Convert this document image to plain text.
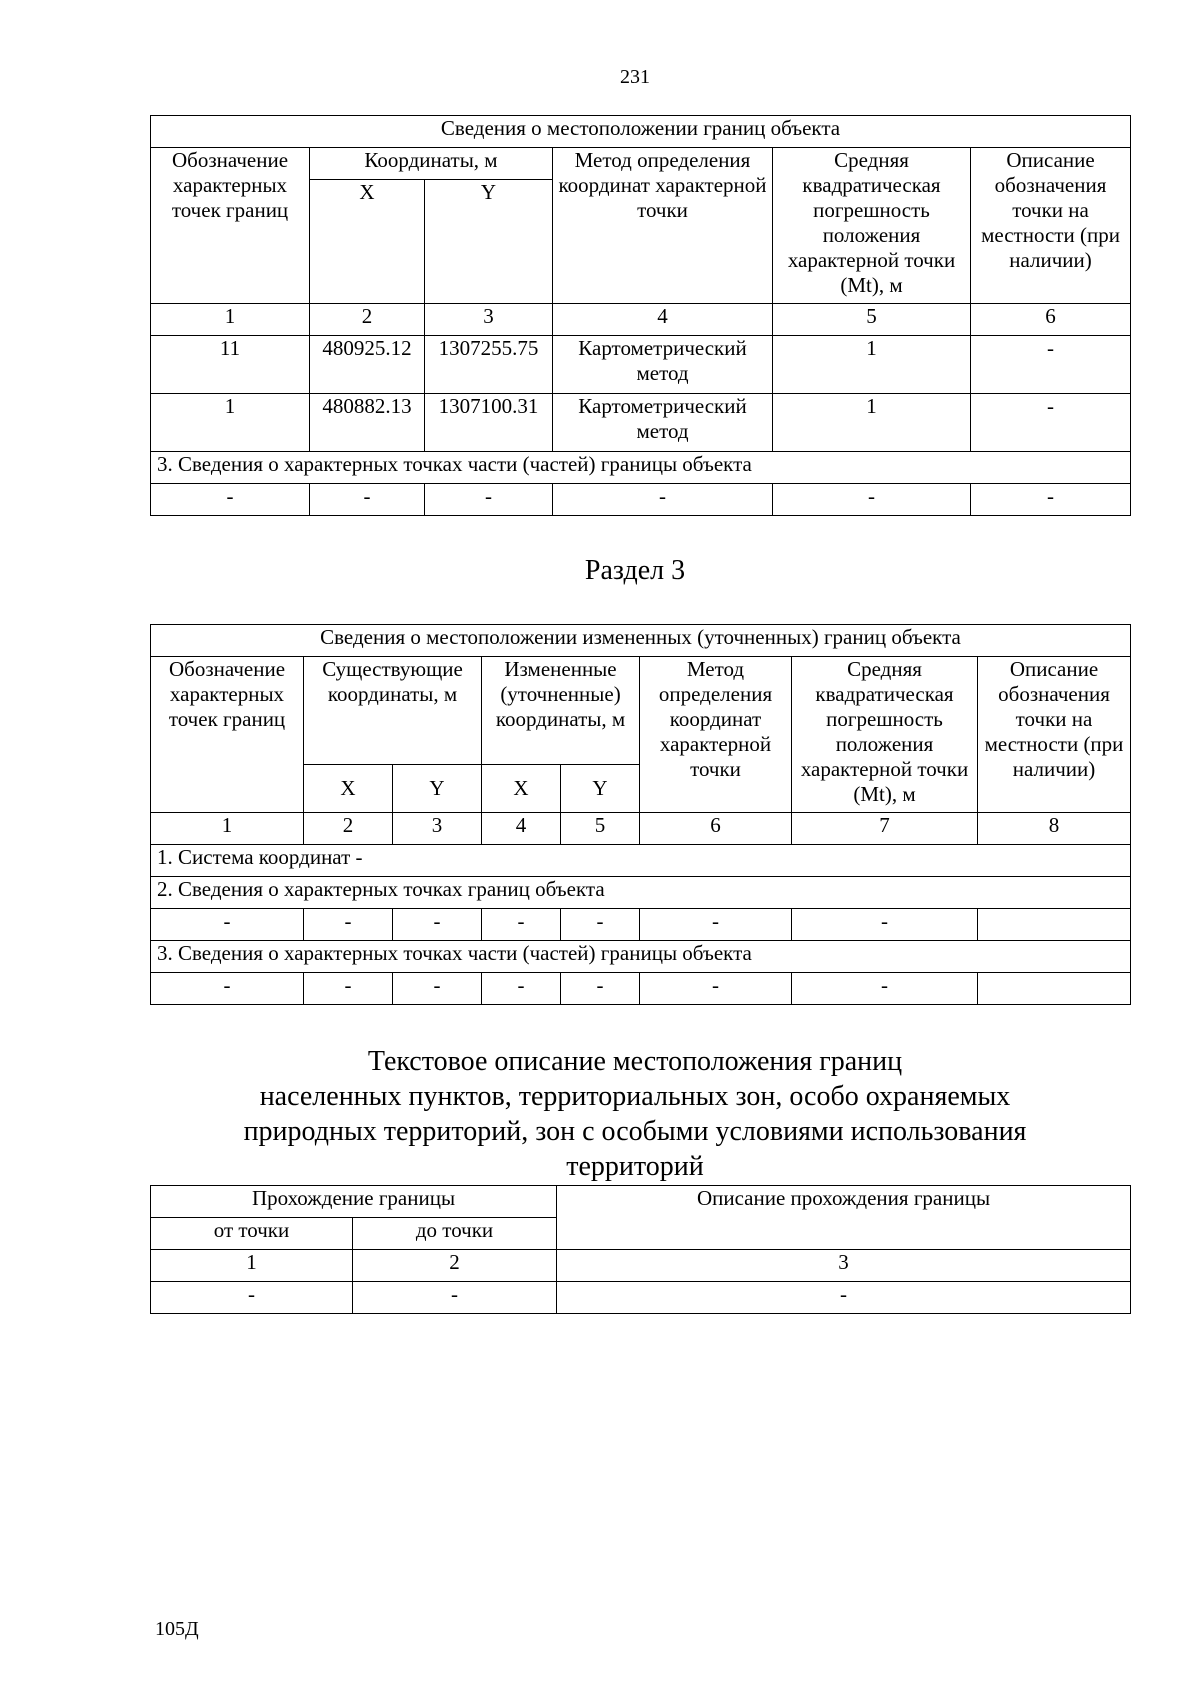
231
Сведения о местоположении границ объекта					
Обозначение характерных точек границ	Координаты, м		Метод определения координат характерной точки	Средняя квадратическая погрешность положения характерной точки (Mt), м	Описание обозначения точки на местности (при наличии)
	X	Y			
1	2	3	4	5	6
11	480925.12	1307255.75	Картометрический метод	1	-
1	480882.13	1307100.31	Картометрический метод	1	-
3. Сведения о характерных точках части (частей) границы объекта					
-	-	-	-	-	-
Раздел 3
Сведения о местоположении измененных (уточненных) границ объекта							
Обозначение характерных точек границ	Существующие координаты, м		Измененные (уточненные) координаты, м		Метод определения координат характерной точки	Средняя квадратическая погрешность положения характерной точки (Mt), м	Описание обозначения точки на местности (при наличии)
	X	Y	X	Y			
1	2	3	4	5	6	7	8
1. Система координат -							
2. Сведения о характерных точках границ объекта							
-	-	-	-	-	-	-	
3. Сведения о характерных точках части (частей) границы объекта							
-	-	-	-	-	-	-	
Текстовое описание местоположения границ
населенных пунктов, территориальных зон, особо охраняемых
природных территорий, зон с особыми условиями использования
территорий
Прохождение границы		Описание прохождения границы
от точки	до точки	
1	2	3
-	-	-
105Д
